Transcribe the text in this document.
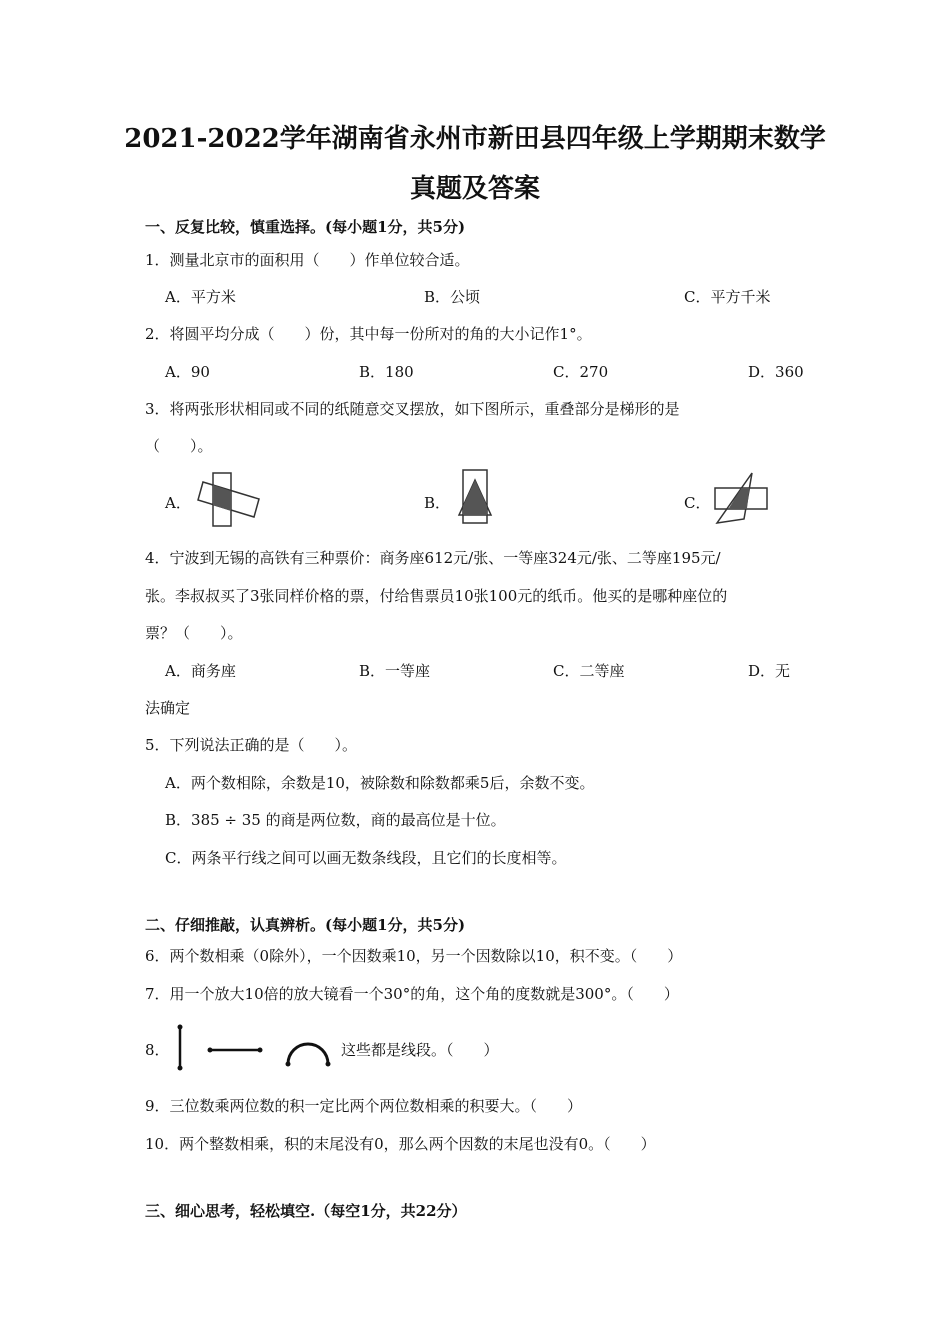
2021-2022学年湖南省永州市新田县四年级上学期期末数学
真题及答案
一、反复比较，慎重选择。(每小题1分，共5分)
1．测量北京市的面积用（　　）作单位较合适。
A．平方米	B．公顷	C．平方千米
2．将圆平均分成（　　）份，其中每一份所对的角的大小记作1°。
A．90	B．180	C．270	D．360
3．将两张形状相同或不同的纸随意交叉摆放，如下图所示，重叠部分是梯形的是
（　　）。
A．	B．	C．
4．宁波到无锡的高铁有三种票价：商务座612元/张、一等座324元/张、二等座195元/
张。李叔叔买了3张同样价格的票，付给售票员10张100元的纸币。他买的是哪种座位的
票？（　　）。
A．商务座	B．一等座	C．二等座	D．无
法确定
5．下列说法正确的是（　　）。
A．两个数相除，余数是10，被除数和除数都乘5后，余数不变。
B．385 ÷ 35 的商是两位数，商的最高位是十位。
C．两条平行线之间可以画无数条线段，且它们的长度相等。
二、仔细推敲，认真辨析。(每小题1分，共5分)
6．两个数相乘（0除外），一个因数乘10，另一个因数除以10，积不变。（　　）
7．用一个放大10倍的放大镜看一个30°的角，这个角的度数就是300°。（　　）
8．	这些都是线段。（　　）
9．三位数乘两位数的积一定比两个两位数相乘的积要大。（　　）
10．两个整数相乘，积的末尾没有0，那么两个因数的末尾也没有0。（　　）
三、细心思考，轻松填空.（每空1分，共22分）
